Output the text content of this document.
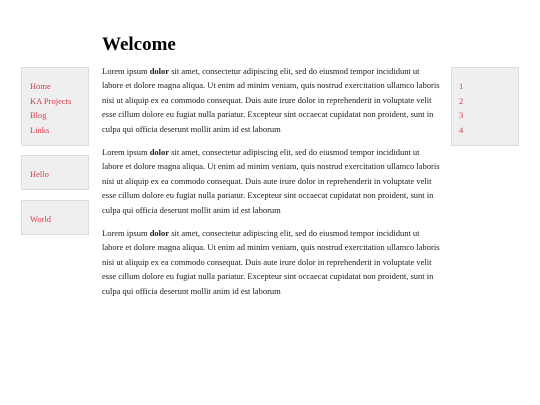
Welcome
Home
KA Projects
Blog
Links
Hello
World
1
2
3
4

Lorem ipsum dolor sit amet, consectetur adipiscing elit, sed do eiusmod tempor incididunt ut labore et dolore magna aliqua. Ut enim ad minim veniam, quis nostrud exercitation ullamco laboris nisi ut aliquip ex ea commodo consequat. Duis aute irure dolor in reprehenderit in voluptate velit esse cillum dolore eu fugiat nulla pariatur. Excepteur sint occaecat cupidatat non proident, sunt in culpa qui officia deserunt mollit anim id est laborum

Lorem ipsum dolor sit amet, consectetur adipiscing elit, sed do eiusmod tempor incididunt ut labore et dolore magna aliqua. Ut enim ad minim veniam, quis nostrud exercitation ullamco laboris nisi ut aliquip ex ea commodo consequat. Duis aute irure dolor in reprehenderit in voluptate velit esse cillum dolore eu fugiat nulla pariatur. Excepteur sint occaecat cupidatat non proident, sunt in culpa qui officia deserunt mollit anim id est laborum

Lorem ipsum dolor sit amet, consectetur adipiscing elit, sed do eiusmod tempor incididunt ut labore et dolore magna aliqua. Ut enim ad minim veniam, quis nostrud exercitation ullamco laboris nisi ut aliquip ex ea commodo consequat. Duis aute irure dolor in reprehenderit in voluptate velit esse cillum dolore eu fugiat nulla pariatur. Excepteur sint occaecat cupidatat non proident, sunt in culpa qui officia deserunt mollit anim id est laborum
